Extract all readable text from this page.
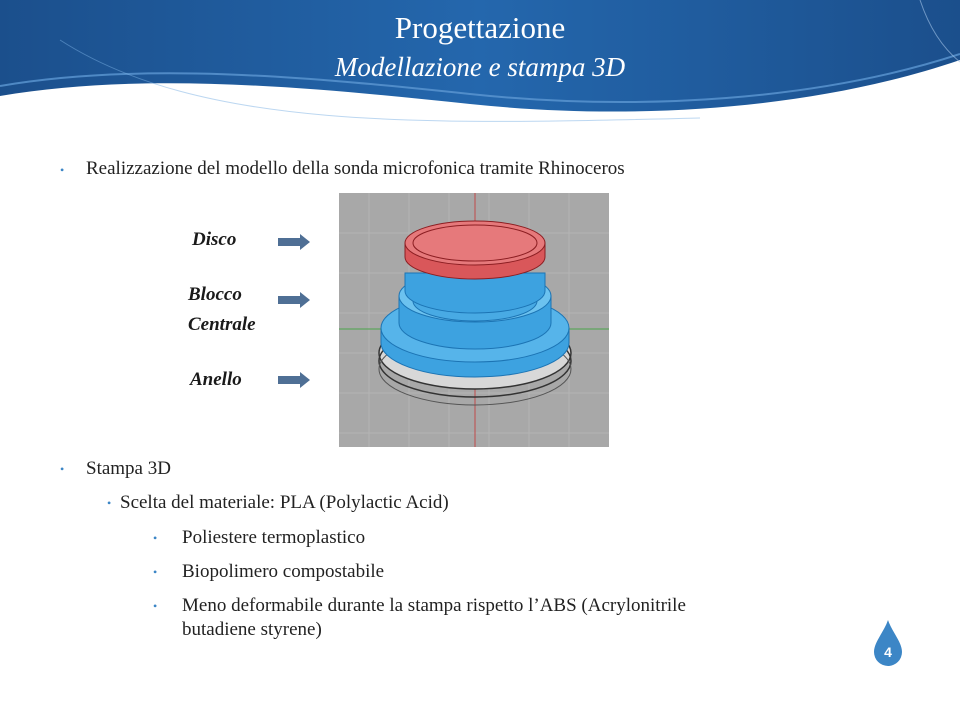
Progettazione
Modellazione e stampa 3D
• Realizzazione del modello della sonda microfonica tramite Rhinoceros
Disco
Blocco
Centrale
Anello
• Stampa 3D
• Scelta del materiale: PLA (Polylactic Acid)
• Poliestere termoplastico
• Biopolimero compostabile
• Meno deformabile durante la stampa rispetto l’ABS (Acrylonitrile
butadiene styrene)
4
